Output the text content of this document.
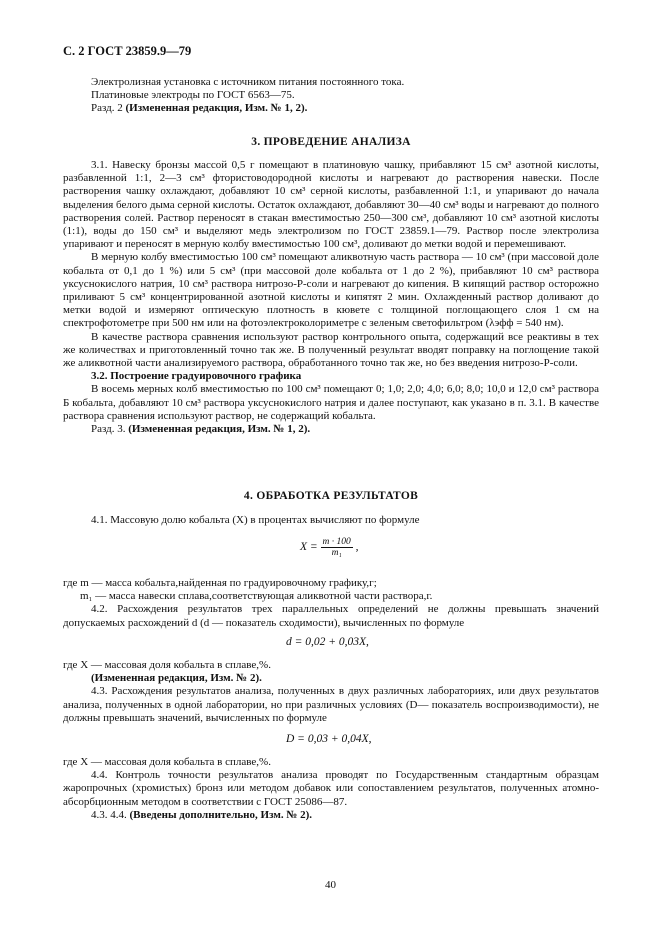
С. 2 ГОСТ 23859.9—79

Электролизная установка с источником питания постоянного тока.

Платиновые электроды по ГОСТ 6563—75.

Разд. 2 (Измененная редакция, Изм. № 1, 2).

3. ПРОВЕДЕНИЕ АНАЛИЗА

3.1. Навеску бронзы массой 0,5 г помещают в платиновую чашку, прибавляют 15 см³ азотной кислоты, разбавленной 1:1, 2—3 см³ фтористоводородной кислоты и нагревают до растворения навески. После растворения чашку охлаждают, добавляют 10 см³ серной кислоты, разбавленной 1:1, и упаривают до начала выделения белого дыма серной кислоты. Остаток охлаждают, добавляют 30—40 см³ воды и нагревают до полного растворения солей. Раствор переносят в стакан вместимостью 250—300 см³, добавляют 10 см³ азотной кислоты (1:1), воды до 150 см³ и выделяют медь электролизом по ГОСТ 23859.1—79. Раствор после электролиза упаривают и переносят в мерную колбу вместимостью 100 см³, доливают до метки водой и перемешивают.

В мерную колбу вместимостью 100 см³ помещают аликвотную часть раствора — 10 см³ (при массовой доле кобальта от 0,1 до 1 %) или 5 см³ (при массовой доле кобальта от 1 до 2 %), прибавляют 10 см³ раствора уксуснокислого натрия, 10 см³ раствора нитрозо-Р-соли и нагревают до кипения. В кипящий раствор осторожно приливают 5 см³ концентрированной азотной кислоты и кипятят 2 мин. Охлажденный раствор доливают до метки водой и измеряют оптическую плотность в кювете с толщиной поглощающего слоя 1 см на спектрофотометре при 500 нм или на фотоэлектроколориметре с зеленым светофильтром (λэфф = 540 нм).

В качестве раствора сравнения используют раствор контрольного опыта, содержащий все реактивы в тех же количествах и приготовленный точно так же. В полученный результат вводят поправку на поглощение такой же аликвотной части анализируемого раствора, обработанного точно так же, но без введения нитрозо-Р-соли.

3.2. Построение градуировочного графика

В восемь мерных колб вместимостью по 100 см³ помещают 0; 1,0; 2,0; 4,0; 6,0; 8,0; 10,0 и 12,0 см³ раствора Б кобальта, добавляют 10 см³ раствора уксуснокислого натрия и далее поступают, как указано в п. 3.1. В качестве раствора сравнения используют раствор, не содержащий кобальта.

Разд. 3. (Измененная редакция, Изм. № 1, 2).

4. ОБРАБОТКА РЕЗУЛЬТАТОВ

4.1. Массовую долю кобальта (X) в процентах вычисляют по формуле

$X = \frac{m \cdot 100}{\text{m₁}}$ ,

где m — масса кобальта,найденная по градуировочному графику,г;

m₁ — масса навески сплава,соответствующая аликвотной части раствора,г.

4.2. Расхождения результатов трех параллельных определений не должны превышать значений допускаемых расхождений d (d — показатель сходимости), вычисленных по формуле

d = 0,02 + 0,03X,

где X — массовая доля кобальта в сплаве,%.

(Измененная редакция, Изм. № 2).

4.3. Расхождения результатов анализа, полученных в двух различных лабораториях, или двух результатов анализа, полученных в одной лаборатории, но при различных условиях (D— показатель воспроизводимости), не должны превышать значений, вычисленных по формуле

D = 0,03 + 0,04X,

где X — массовая доля кобальта в сплаве,%.

4.4. Контроль точности результатов анализа проводят по Государственным стандартным образцам жаропрочных (хромистых) бронз или методом добавок или сопоставлением результатов, полученных атомно-абсорбционным методом в соответствии с ГОСТ 25086—87.

4.3. 4.4. (Введены дополнительно, Изм. № 2).

40
